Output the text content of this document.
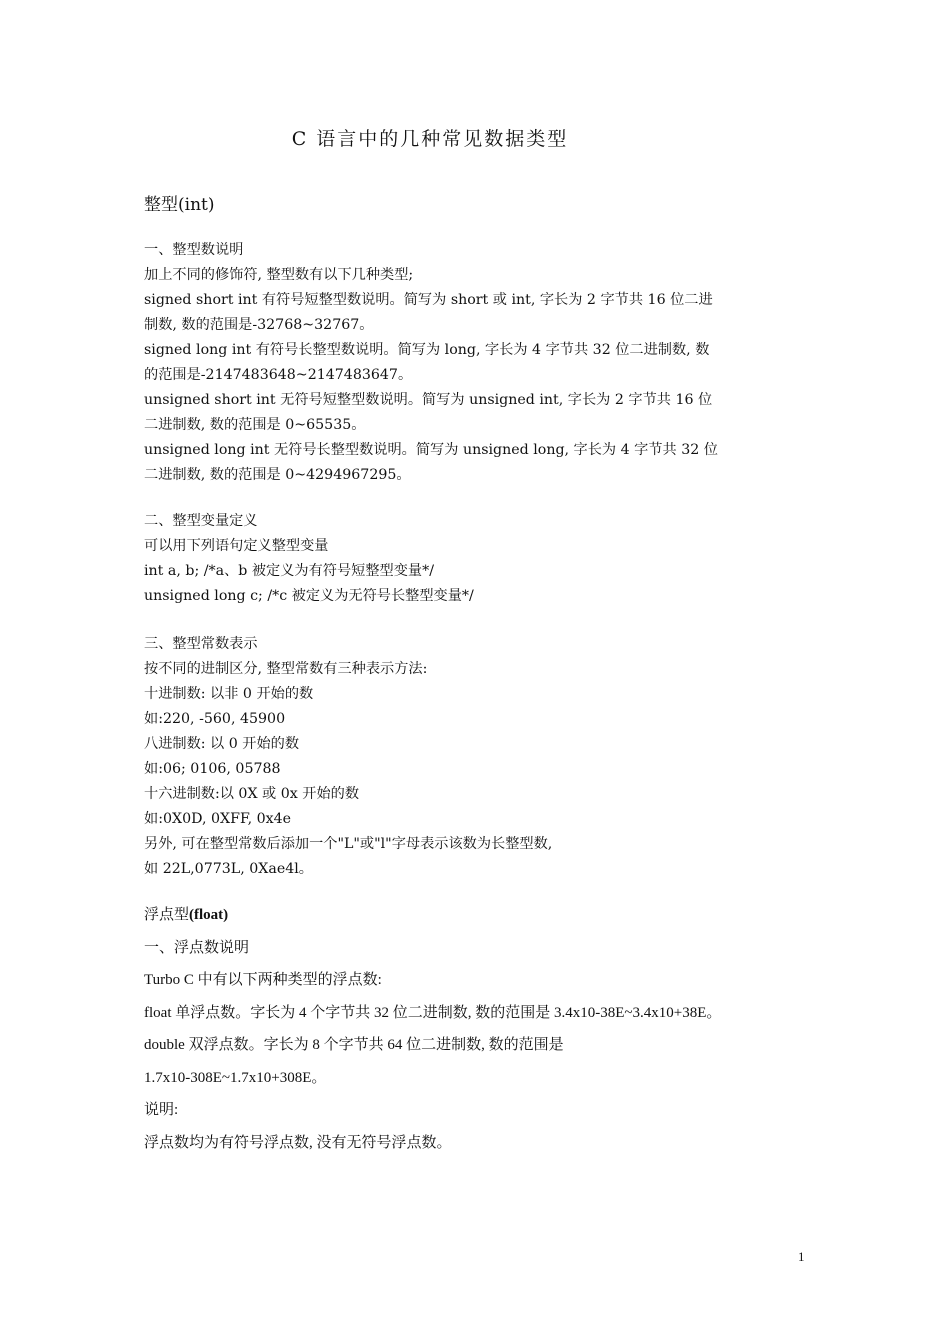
C 语言中的几种常见数据类型
整型(int)

一、整型数说明

加上不同的修饰符, 整型数有以下几种类型;

signed short int 有符号短整型数说明。简写为 short 或 int, 字长为 2 字节共 16 位二进

制数, 数的范围是-32768~32767。

signed long int 有符号长整型数说明。简写为 long, 字长为 4 字节共 32 位二进制数, 数

的范围是-2147483648~2147483647。

unsigned short int 无符号短整型数说明。简写为 unsigned int, 字长为 2 字节共 16 位

二进制数, 数的范围是 0~65535。

unsigned long int 无符号长整型数说明。简写为 unsigned long, 字长为 4 字节共 32 位

二进制数, 数的范围是 0~4294967295。

二、整型变量定义

可以用下列语句定义整型变量

int a, b; /*a、b 被定义为有符号短整型变量*/

unsigned long c; /*c 被定义为无符号长整型变量*/

三、整型常数表示

按不同的进制区分, 整型常数有三种表示方法:

十进制数: 以非 0 开始的数

如:220, -560, 45900

八进制数: 以 0 开始的数

如:06; 0106, 05788

十六进制数:以 0X 或 0x 开始的数

如:0X0D, 0XFF, 0x4e

另外, 可在整型常数后添加一个"L"或"l"字母表示该数为长整型数,

如 22L,0773L, 0Xae4l。

浮点型(float)

一、浮点数说明

Turbo C 中有以下两种类型的浮点数:

float 单浮点数。字长为 4 个字节共 32 位二进制数, 数的范围是 3.4x10-38E~3.4x10+38E。

double 双浮点数。字长为 8 个字节共 64 位二进制数, 数的范围是

1.7x10-308E~1.7x10+308E。

说明:

浮点数均为有符号浮点数, 没有无符号浮点数。

1
